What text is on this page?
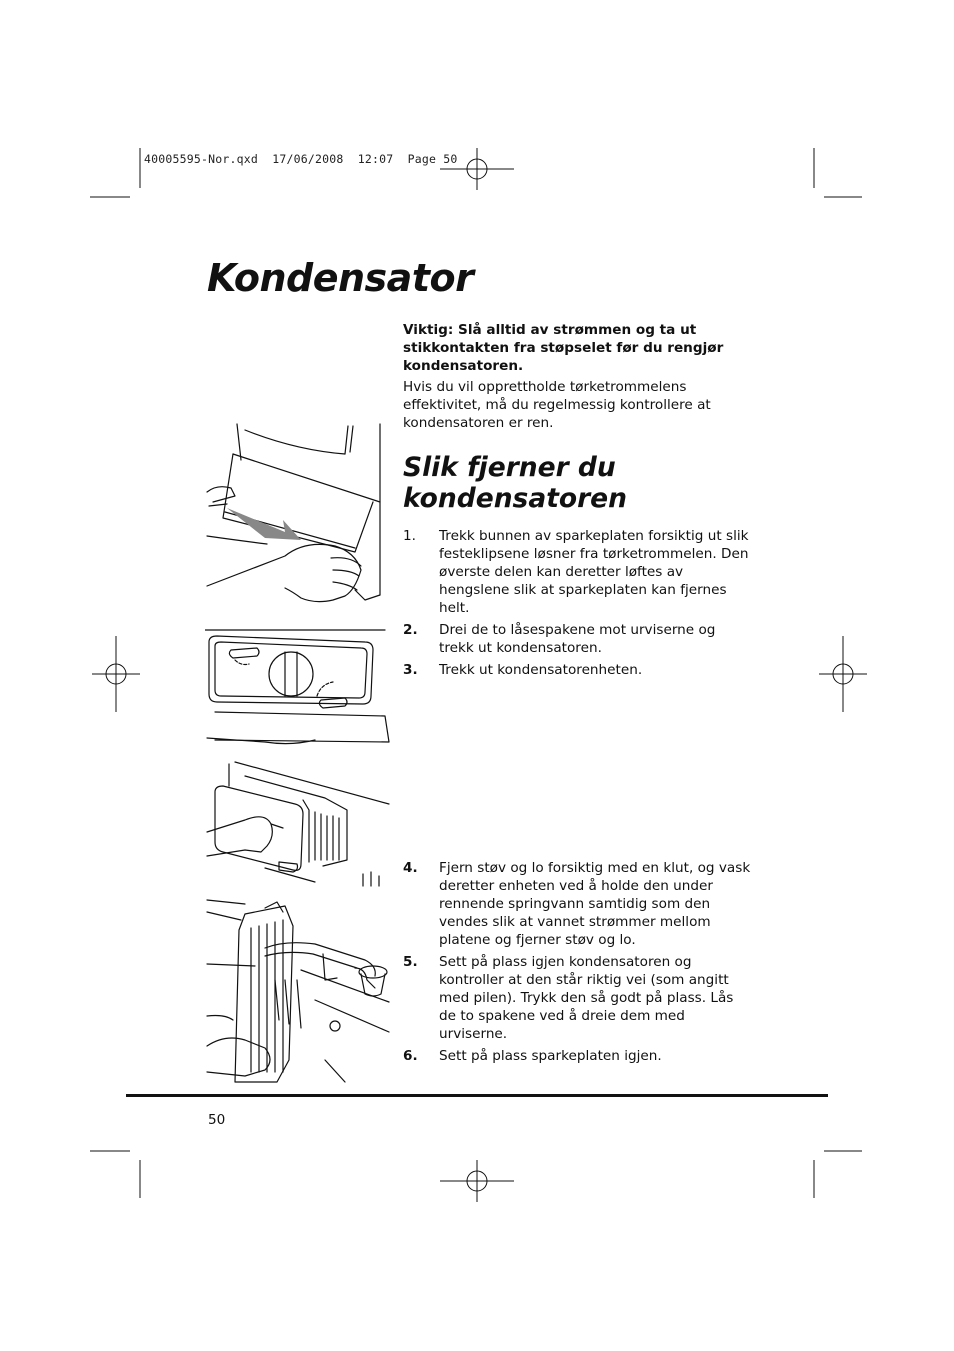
40005595-Nor.qxd  17/06/2008  12:07  Page 50
Kondensator
Viktig: Slå alltid av strømmen og ta ut stikkontakten fra støpselet før du rengjør kondensatoren.
Hvis du vil opprettholde tørketrommelens effektivitet, må du regelmessig kontrollere at kondensatoren er ren.
Slik fjerner du kondensatoren
1. Trekk bunnen av sparkeplaten forsiktig ut slik festeklipsene løsner fra tørketrommelen. Den øverste delen kan deretter løftes av hengslene slik at sparkeplaten kan fjernes helt.
2. Drei de to låsespakene mot urviserne og trekk ut kondensatoren.
3. Trekk ut kondensatorenheten.
4. Fjern støv og lo forsiktig med en klut, og vask deretter enheten ved å holde den under rennende springvann samtidig som den vendes slik at vannet strømmer mellom platene og fjerner støv og lo.
5. Sett på plass igjen kondensatoren og kontroller at den står riktig vei (som angitt med pilen). Trykk den så godt på plass. Lås de to spakene ved å dreie dem med urviserne.
6. Sett på plass sparkeplaten igjen.
50
